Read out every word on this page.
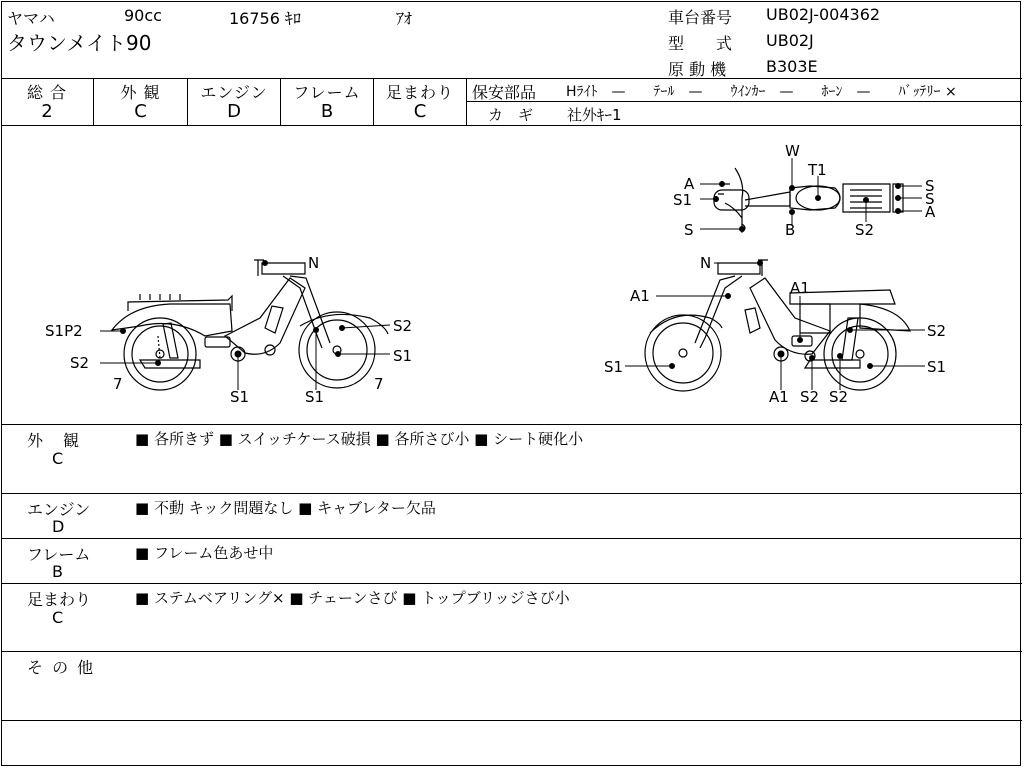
ヤマハ	90cc	16756 ｷﾛ	ｱｵ
タウンメイト90
車台番号 UB02J-004362
型　　式 UB02J
原 動 機 B303E
総 合
2
外 観
C
エンジン
D
フレーム
B
足まわり
C
保安部品 Hﾗｲﾄ　—　　ﾃｰﾙ　—　　ｳｲﾝｶｰ　—　　ﾎｰﾝ　—　　ﾊﾞｯﾃﾘｰ ×
カ　ギ 社外ｷｰ1
N
S1P2
S2
7
S1	S1
S2
S1
7
N
A1	A1
S2
S1	S1
A1 S2 S2
W
T1
A
S1
S	B
S
S
A
S2
外　観
C
■ 各所きず ■ スイッチケース破損 ■ 各所さび小 ■ シート硬化小
エンジン
D
■ 不動 キック問題なし ■ キャブレター欠品
フレーム
B
■ フレーム色あせ中
足まわり
C
■ ステムベアリング× ■ チェーンさび ■ トップブリッジさび小
そ の 他
